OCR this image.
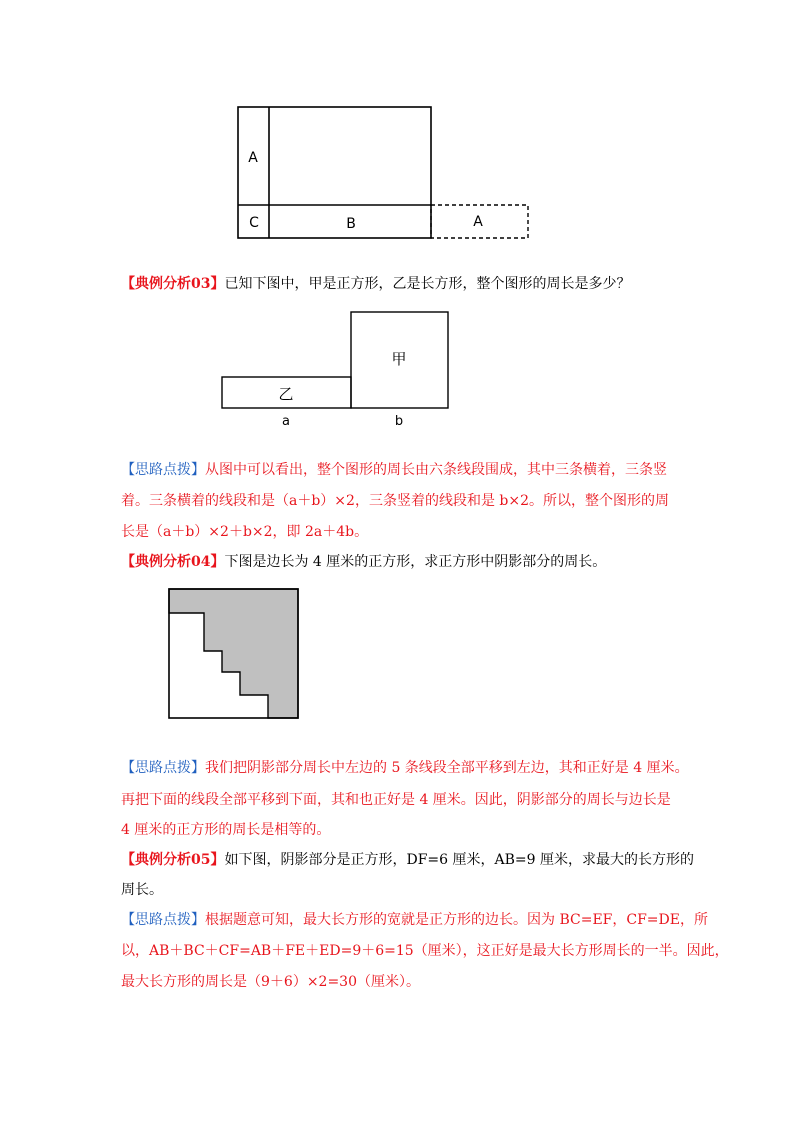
A
C	B	A
【典例分析03】已知下图中，甲是正方形，乙是长方形，整个图形的周长是多少？
甲
乙
a	b
【思路点拨】从图中可以看出，整个图形的周长由六条线段围成，其中三条横着，三条竖
着。三条横着的线段和是（a＋b）×2，三条竖着的线段和是 b×2。所以，整个图形的周
长是（a＋b）×2＋b×2，即 2a＋4b。
【典例分析04】下图是边长为 4 厘米的正方形，求正方形中阴影部分的周长。
【思路点拨】我们把阴影部分周长中左边的 5 条线段全部平移到左边，其和正好是 4 厘米。
再把下面的线段全部平移到下面，其和也正好是 4 厘米。因此，阴影部分的周长与边长是
4 厘米的正方形的周长是相等的。
【典例分析05】如下图，阴影部分是正方形，DF=6 厘米，AB=9 厘米，求最大的长方形的
周长。
【思路点拨】根据题意可知，最大长方形的宽就是正方形的边长。因为 BC=EF，CF=DE，所
以，AB＋BC＋CF=AB＋FE＋ED=9＋6=15（厘米），这正好是最大长方形周长的一半。因此，
最大长方形的周长是（9＋6）×2=30（厘米）。
